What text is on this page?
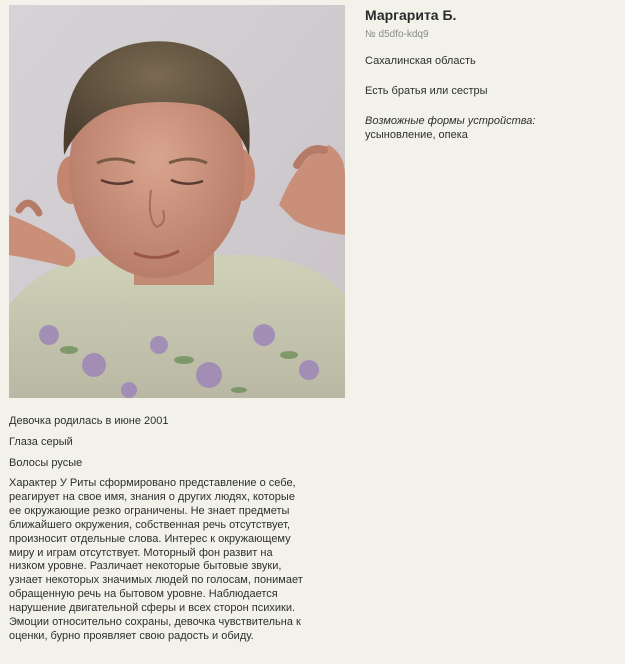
Маргарита Б.
№ d5dfo-kdq9
Сахалинская область
Есть братья или сестры
Возможные формы устройства:
усыновление, опека

Девочка родилась в июне 2001

Глаза серый

Волосы русые

Характер У Риты сформировано представление о себе, реагирует на свое имя, знания о других людях, которые ее окружающие резко ограничены. Не знает предметы ближайшего окружения, собственная речь отсутствует, произносит отдельные слова. Интерес к окружающему миру и играм отсутствует. Моторный фон развит на низком уровне. Различает некоторые бытовые звуки, узнает некоторых значимых людей по голосам, понимает обращенную речь на бытовом уровне. Наблюдается нарушение двигательной сферы и всех сторон психики. Эмоции относительно сохраны, девочка чувствительна к оценки, бурно проявляет свою радость и обиду.
